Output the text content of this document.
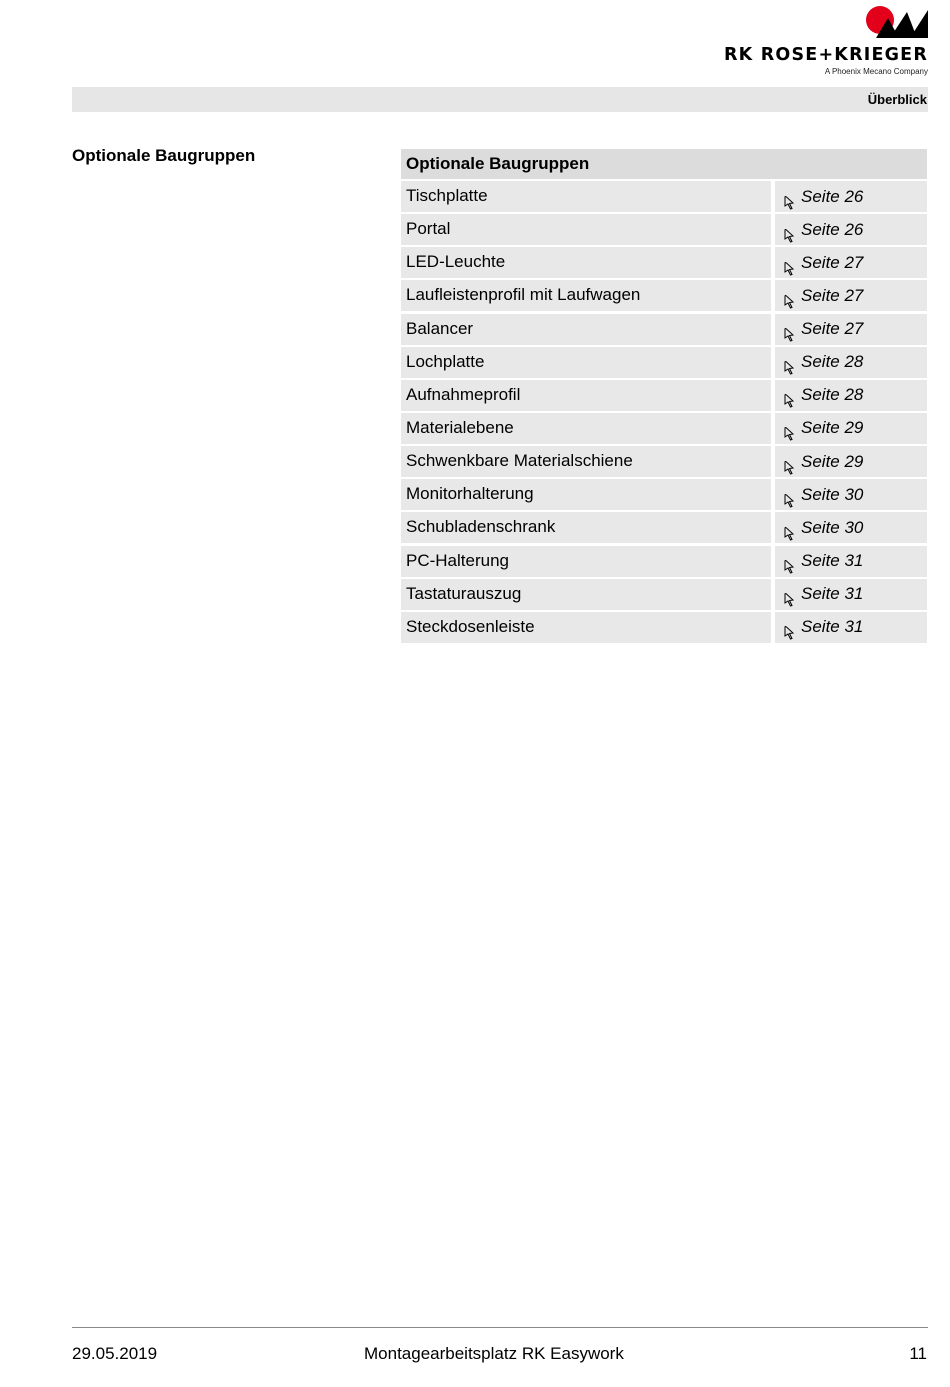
RK ROSE+KRIEGER
A Phoenix Mecano Company
Überblick
Optionale Baugruppen	Optionale Baugruppen
Tischplatte	Seite 26
Portal	Seite 26
LED-Leuchte	Seite 27
Laufleistenprofil mit Laufwagen	Seite 27
Balancer	Seite 27
Lochplatte	Seite 28
Aufnahmeprofil	Seite 28
Materialebene	Seite 29
Schwenkbare Materialschiene	Seite 29
Monitorhalterung	Seite 30
Schubladenschrank	Seite 30
PC-Halterung	Seite 31
Tastaturauszug	Seite 31
Steckdosenleiste	Seite 31
29.05.2019	Montagearbeitsplatz RK Easywork	11
